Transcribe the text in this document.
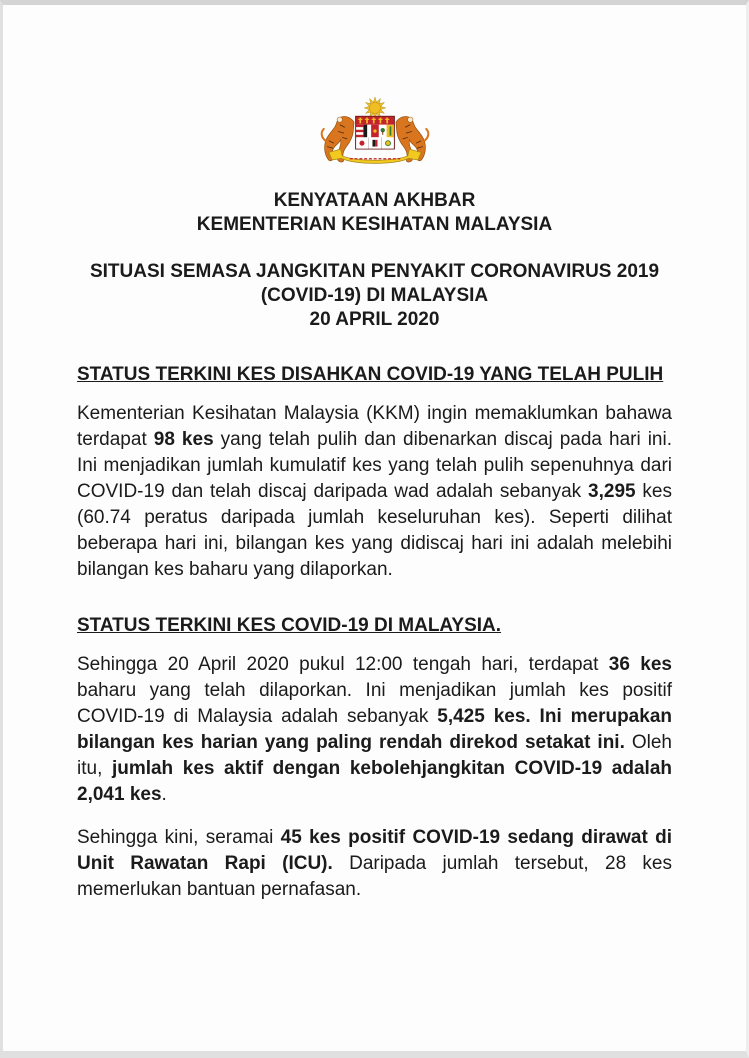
KENYATAAN AKHBAR
KEMENTERIAN KESIHATAN MALAYSIA
SITUASI SEMASA JANGKITAN PENYAKIT CORONAVIRUS 2019
(COVID-19) DI MALAYSIA
20 APRIL 2020
STATUS TERKINI KES DISAHKAN COVID-19 YANG TELAH PULIH

Kementerian Kesihatan Malaysia (KKM) ingin memaklumkan bahawa terdapat 98 kes yang telah pulih dan dibenarkan discaj pada hari ini. Ini menjadikan jumlah kumulatif kes yang telah pulih sepenuhnya dari COVID-19 dan telah discaj daripada wad adalah sebanyak 3,295 kes (60.74 peratus daripada jumlah keseluruhan kes). Seperti dilihat beberapa hari ini, bilangan kes yang didiscaj hari ini adalah melebihi bilangan kes baharu yang dilaporkan.

STATUS TERKINI KES COVID-19 DI MALAYSIA.

Sehingga 20 April 2020 pukul 12:00 tengah hari, terdapat 36 kes baharu yang telah dilaporkan. Ini menjadikan jumlah kes positif COVID-19 di Malaysia adalah sebanyak 5,425 kes. Ini merupakan bilangan kes harian yang paling rendah direkod setakat ini. Oleh itu, jumlah kes aktif dengan kebolehjangkitan COVID-19 adalah 2,041 kes.

Sehingga kini, seramai 45 kes positif COVID-19 sedang dirawat di Unit Rawatan Rapi (ICU). Daripada jumlah tersebut, 28 kes memerlukan bantuan pernafasan.
